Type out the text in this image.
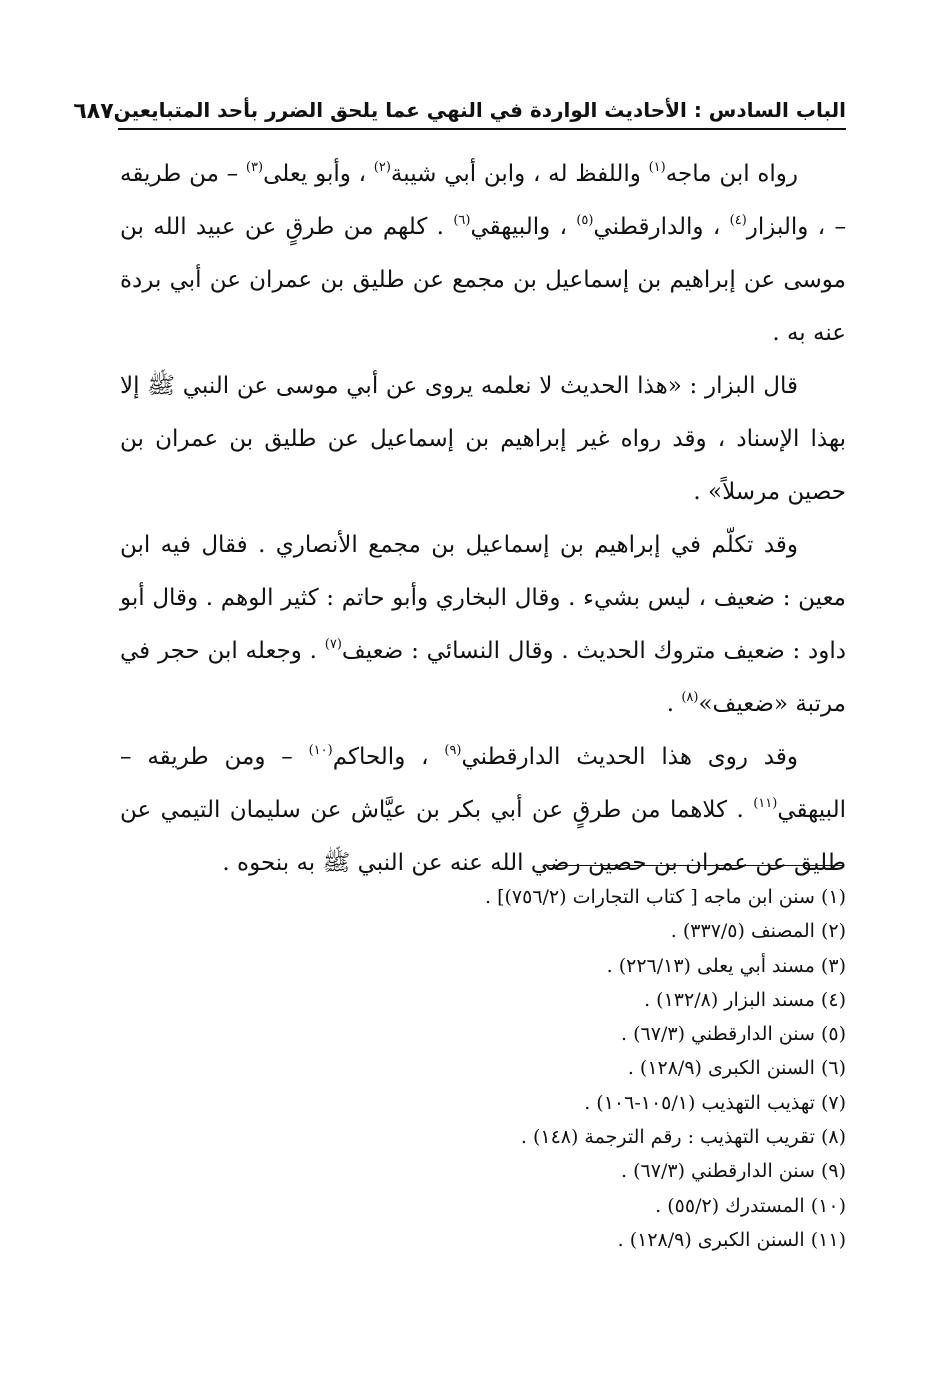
الباب السادس : الأحاديث الواردة في النهي عما يلحق الضرر بأحد المتبايعين
٦٨٧

رواه ابن ماجه$^{(١)}$ واللفظ له ، وابن أبي شيبة$^{(٢)}$ ، وأبو يعلى$^{(٣)}$ – من طريقه – ، والبزار$^{(٤)}$ ، والدارقطني$^{(٥)}$ ، والبيهقي$^{(٦)}$ . كلهم من طرقٍ عن عبيد الله بن موسى عن إبراهيم بن إسماعيل بن مجمع عن طليق بن عمران عن أبي بردة عنه به .

قال البزار : «هذا الحديث لا نعلمه يروى عن أبي موسى عن النبي ﷺ إلا بهذا الإسناد ، وقد رواه غير إبراهيم بن إسماعيل عن طليق بن عمران بن حصين مرسلاً» .

وقد تكلّم في إبراهيم بن إسماعيل بن مجمع الأنصاري . فقال فيه ابن معين : ضعيف ، ليس بشيء . وقال البخاري وأبو حاتم : كثير الوهم . وقال أبو داود : ضعيف متروك الحديث . وقال النسائي : ضعيف$^{(٧)}$ . وجعله ابن حجر في مرتبة «ضعيف»$^{(٨)}$ .

وقد روى هذا الحديث الدارقطني$^{(٩)}$ ، والحاكم$^{(١٠)}$ – ومن طريقه – البيهقي$^{(١١)}$ . كلاهما من طرقٍ عن أبي بكر بن عيَّاش عن سليمان التيمي عن طليق عن عمران بن حصين رضي الله عنه عن النبي ﷺ به بنحوه .

(١) سنن ابن ماجه [ كتاب التجارات (٧٥٦/٢)] .

(٢) المصنف (٣٣٧/٥) .

(٣) مسند أبي يعلى (٢٢٦/١٣) .

(٤) مسند البزار (١٣٢/٨) .

(٥) سنن الدارقطني (٦٧/٣) .

(٦) السنن الكبرى (١٢٨/٩) .

(٧) تهذيب التهذيب (١٠٥/١-١٠٦) .

(٨) تقريب التهذيب : رقم الترجمة (١٤٨) .

(٩) سنن الدارقطني (٦٧/٣) .

(١٠) المستدرك (٥٥/٢) .

(١١) السنن الكبرى (١٢٨/٩) .
